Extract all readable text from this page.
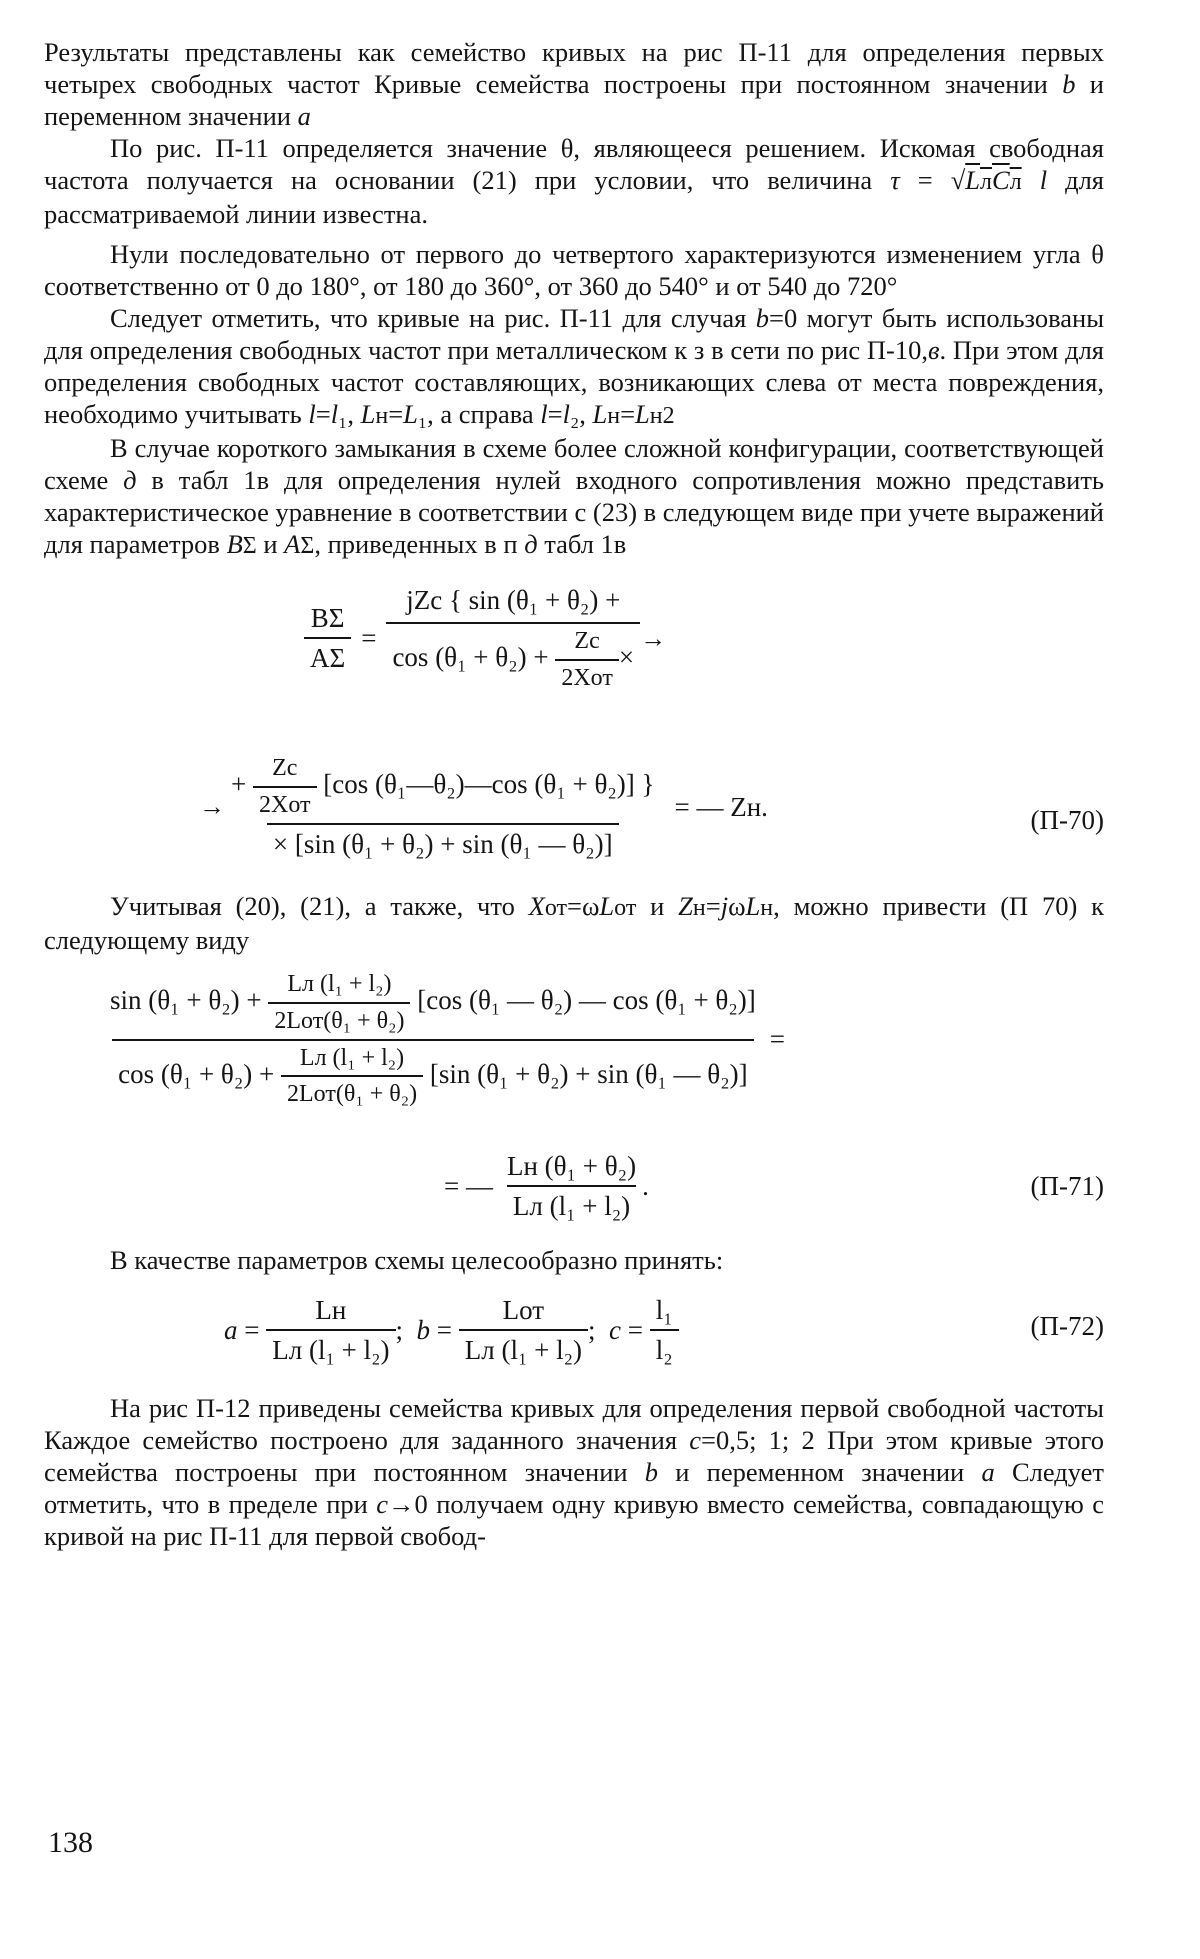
Результаты представлены как семейство кривых на рис П-11 для определения первых четырех свободных частот Кривые семейства построены при постоянном значении b и переменном значении a

По рис. П-11 определяется значение θ, являющееся решением. Искомая свободная частота получается на основании (21) при условии, что величина τ = √LлCл l для рассматриваемой линии известна.

Нули последовательно от первого до четвертого характеризуются изменением угла θ соответственно от 0 до 180°, от 180 до 360°, от 360 до 540° и от 540 до 720°

Следует отметить, что кривые на рис. П-11 для случая b=0 могут быть использованы для определения свободных частот при металлическом к з в сети по рис П-10,в. При этом для определения свободных частот составляющих, возникающих слева от места повреждения, необходимо учитывать l=l₁, Lн=L₁, а справа l=l₂, Lн=Lн2

В случае короткого замыкания в схеме более сложной конфигурации, соответствующей схеме д в табл 1в для определения нулей входного сопротивления можно представить характеристическое уравнение в соответствии с (23) в следующем виде при учете выражений для параметров BΣ и AΣ, приведенных в п д табл 1в

$\frac{B\Sigma}{A\Sigma}$ =
jZc { sin (θ₁ + θ₂) +
$\cos (\theta_1 + \theta_2) + \frac{Zc}{\text{2Xот}}$ ×
→
→
+ $\frac{Zc}{\text{2Xот}} [\cos$ (θ₁—θ₂)—cos (θ₁ + θ₂)] }
× [sin (θ₁ + θ₂) + sin (θ₁ — θ₂)]
= — Zн.	(П-70)

Учитывая (20), (21), а также, что Xот=ωLот и Zн=jωLн, можно привести (П 70) к следующему виду

$\sin (\theta_1 + \theta_2) + \frac{\text{Lл (l₁ + l₂)}}{\text{2Lот(θ₁ + θ₂)}} [\cos$ (θ₁ — θ₂) — cos (θ₁ + θ₂)]
$\cos (\theta_1 + \theta_2) + \frac{\text{Lл (l₁ + l₂)}}{\text{2Lот(θ₁ + θ₂)}} [\sin$ (θ₁ + θ₂) + sin (θ₁ — θ₂)]
=
= — $\frac{\text{Lн (θ₁ + θ₂)}}{\text{Lл (l₁ + l₂)}}$ .	(П-71)

В качестве параметров схемы целесообразно принять:

$a = \frac{Lн}{\text{Lл (l₁ + l₂)}}$ ; $b = \frac{\text{Lот}}{\text{Lл (l₁ + l₂)}}$ ; $c = \frac{\text{l₁}}{\text{l₂}}$	(П-72)

На рис П-12 приведены семейства кривых для определения первой свободной частоты Каждое семейство построено для заданного значения c=0,5; 1; 2 При этом кривые этого семейства построены при постоянном значении b и переменном значении a Следует отметить, что в пределе при c→0 получаем одну кривую вместо семейства, совпадающую с кривой на рис П-11 для первой свобод-

138
